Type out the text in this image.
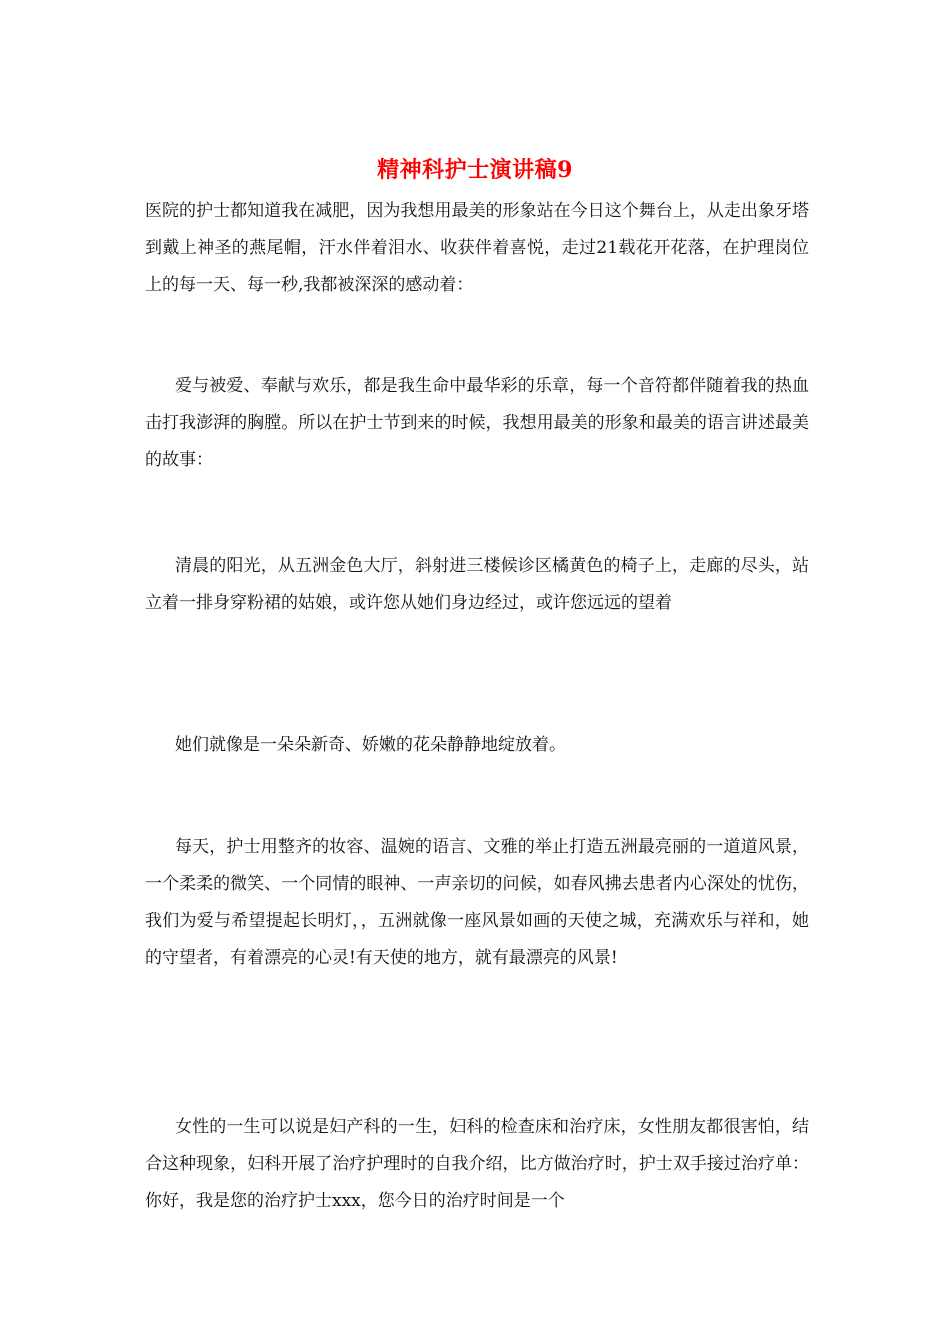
精神科护士演讲稿9

医院的护士都知道我在减肥，因为我想用最美的形象站在今日这个舞台上，从走出象牙塔到戴上神圣的燕尾帽，汗水伴着泪水、收获伴着喜悦，走过21载花开花落，在护理岗位上的每一天、每一秒,我都被深深的感动着：

爱与被爱、奉献与欢乐，都是我生命中最华彩的乐章，每一个音符都伴随着我的热血击打我澎湃的胸膛。所以在护士节到来的时候，我想用最美的形象和最美的语言讲述最美的故事：

清晨的阳光，从五洲金色大厅，斜射进三楼候诊区橘黄色的椅子上，走廊的尽头，站立着一排身穿粉裙的姑娘，或许您从她们身边经过，或许您远远的望着

她们就像是一朵朵新奇、娇嫩的花朵静静地绽放着。

每天，护士用整齐的妆容、温婉的语言、文雅的举止打造五洲最亮丽的一道道风景，一个柔柔的微笑、一个同情的眼神、一声亲切的问候，如春风拂去患者内心深处的忧伤，我们为爱与希望提起长明灯，，五洲就像一座风景如画的天使之城，充满欢乐与祥和，她的守望者，有着漂亮的心灵!有天使的地方，就有最漂亮的风景!

女性的一生可以说是妇产科的一生，妇科的检查床和治疗床，女性朋友都很害怕，结合这种现象，妇科开展了治疗护理时的自我介绍，比方做治疗时，护士双手接过治疗单：你好，我是您的治疗护士xxx，您今日的治疗时间是一个
